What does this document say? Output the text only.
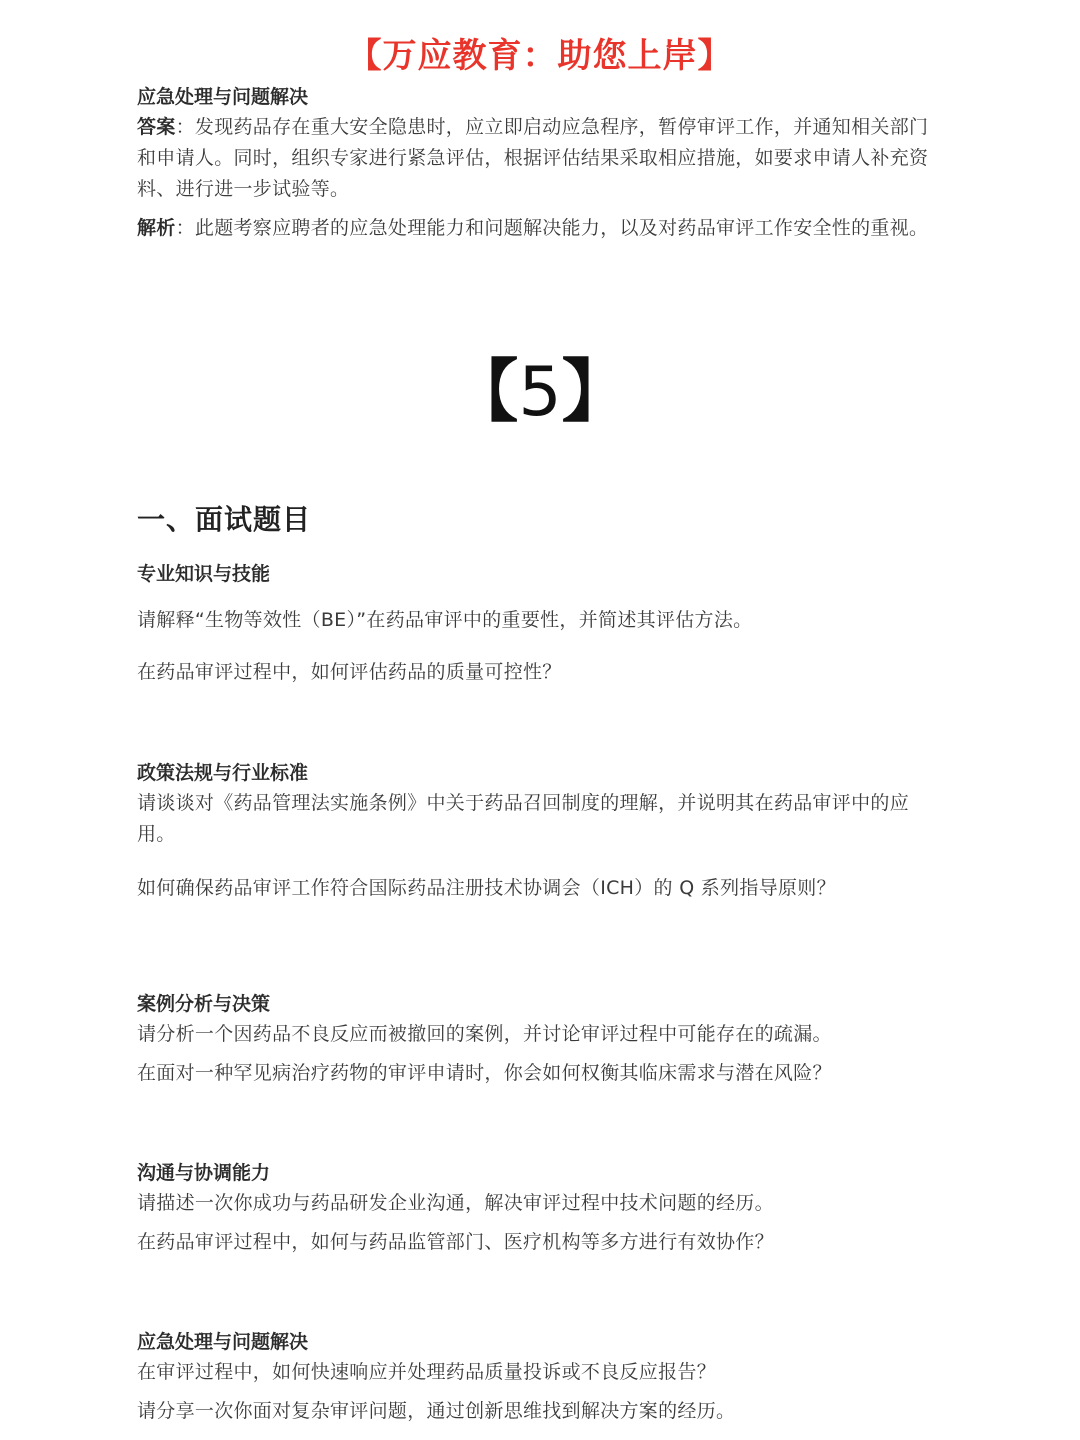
【万应教育：助您上岸】
应急处理与问题解决
答案：发现药品存在重大安全隐患时，应立即启动应急程序，暂停审评工作，并通知相关部门和申请人。同时，组织专家进行紧急评估，根据评估结果采取相应措施，如要求申请人补充资料、进行进一步试验等。
解析：此题考察应聘者的应急处理能力和问题解决能力，以及对药品审评工作安全性的重视。
【5】
一、面试题目
专业知识与技能
请解释“生物等效性（BE）”在药品审评中的重要性，并简述其评估方法。
在药品审评过程中，如何评估药品的质量可控性？
政策法规与行业标准
请谈谈对《药品管理法实施条例》中关于药品召回制度的理解，并说明其在药品审评中的应用。
如何确保药品审评工作符合国际药品注册技术协调会（ICH）的 Q 系列指导原则？
案例分析与决策
请分析一个因药品不良反应而被撤回的案例，并讨论审评过程中可能存在的疏漏。
在面对一种罕见病治疗药物的审评申请时，你会如何权衡其临床需求与潜在风险？
沟通与协调能力
请描述一次你成功与药品研发企业沟通，解决审评过程中技术问题的经历。
在药品审评过程中，如何与药品监管部门、医疗机构等多方进行有效协作？
应急处理与问题解决
在审评过程中，如何快速响应并处理药品质量投诉或不良反应报告？
请分享一次你面对复杂审评问题，通过创新思维找到解决方案的经历。
